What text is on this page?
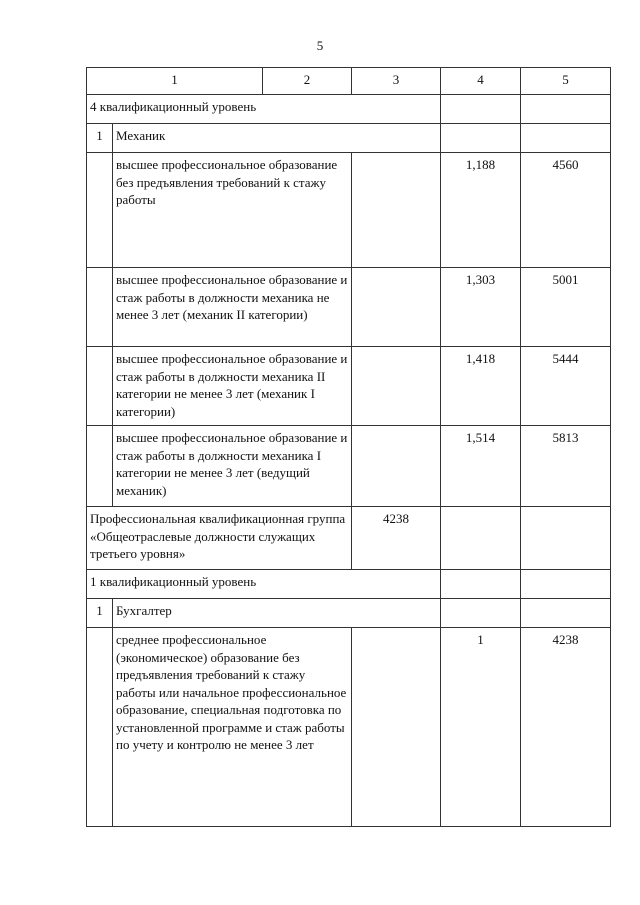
5
1		2	3	4	5
4 квалификационный уровень					
1	Механик				
	высшее профессиональное образование без предъявления требований к стажу работы			1,188	4560
	высшее профессиональное образование и стаж работы в должности механика не менее 3 лет (механик II категории)			1,303	5001
	высшее профессиональное образование и стаж работы в должности механика II категории не менее 3 лет (механик I категории)			1,418	5444
	высшее профессиональное образование и стаж работы в должности механика I категории не менее 3 лет (ведущий механик)			1,514	5813
Профессиональная квалификационная группа «Общеотраслевые должности служащих третьего уровня»			4238		
1 квалификационный уровень					
1	Бухгалтер				
	среднее профессиональное (экономическое) образование без предъявления требований к стажу работы или начальное профессиональное образование, специальная подготовка по установленной программе и стаж работы по учету и контролю не менее 3 лет			1	4238
